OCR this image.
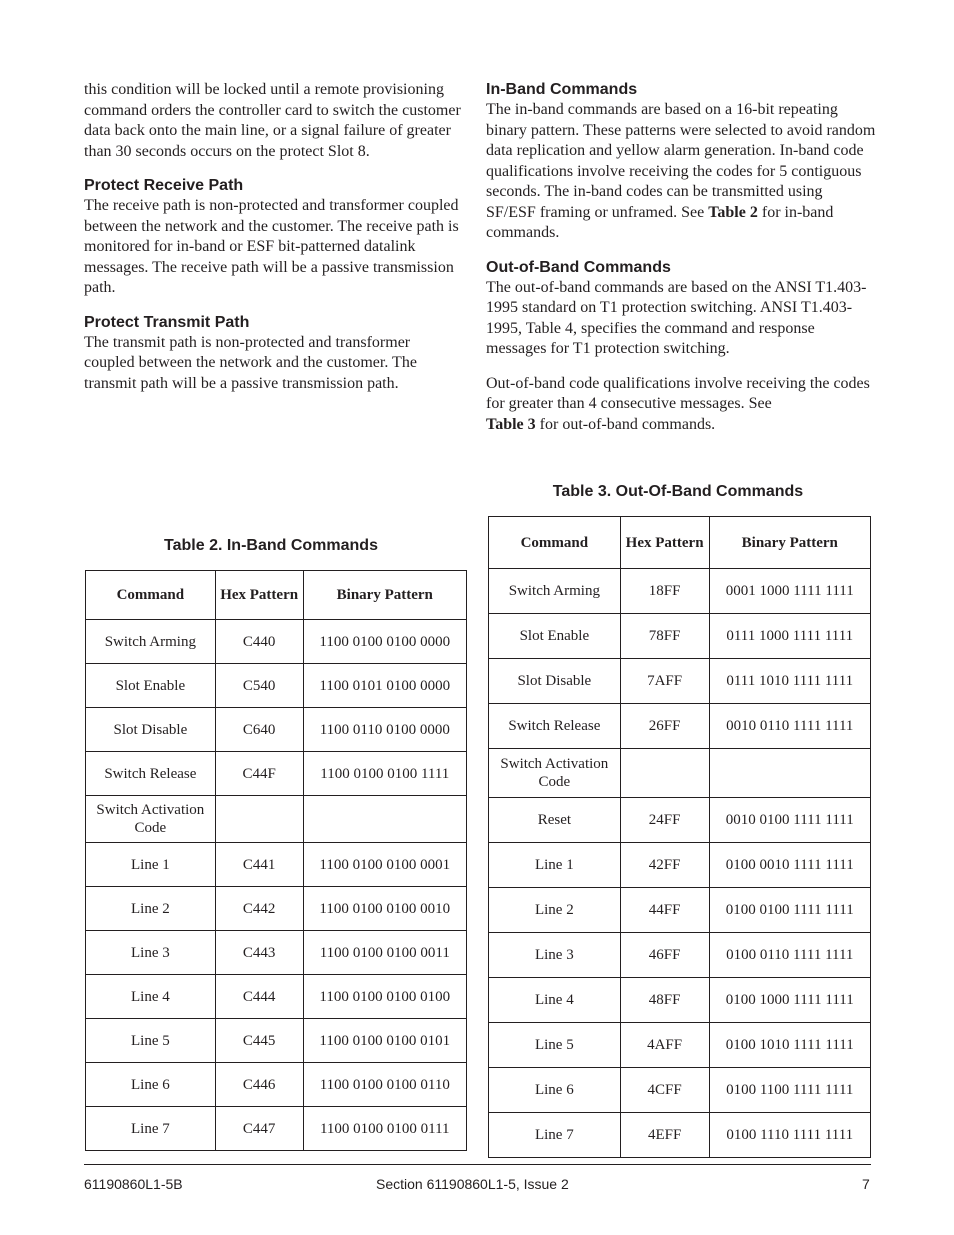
this condition will be locked until a remote provisioning command orders the controller card to switch the customer data back onto the main line, or a signal failure of greater than 30 seconds occurs on the protect Slot 8.

Protect Receive Path

The receive path is non-protected and transformer coupled between the network and the customer. The receive path is monitored for in-band or ESF bit-patterned datalink messages. The receive path will be a passive transmission path.

Protect Transmit Path

The transmit path is non-protected and transformer coupled between the network and the customer. The transmit path will be a passive transmission path.

In-Band Commands

The in-band commands are based on a 16-bit repeating binary pattern. These patterns were selected to avoid random data replication and yellow alarm generation. In-band code qualifications involve receiving the codes for 5 contiguous seconds. The in-band codes can be transmitted using SF/ESF framing or unframed. See Table 2 for in-band commands.

Out-of-Band Commands

The out-of-band commands are based on the ANSI T1.403-1995 standard on T1 protection switching. ANSI T1.403-1995, Table 4, specifies the command and response messages for T1 protection switching.

Out-of-band code qualifications involve receiving the codes for greater than 4 consecutive messages. See
Table 3 for out-of-band commands.

Table 2. In-Band Commands
Command	Hex Pattern	Binary Pattern
Switch Arming	C440	1100 0100 0100 0000
Slot Enable	C540	1100 0101 0100 0000
Slot Disable	C640	1100 0110 0100 0000
Switch Release	C44F	1100 0100 0100 1111
Switch Activation Code		
Line 1	C441	1100 0100 0100 0001
Line 2	C442	1100 0100 0100 0010
Line 3	C443	1100 0100 0100 0011
Line 4	C444	1100 0100 0100 0100
Line 5	C445	1100 0100 0100 0101
Line 6	C446	1100 0100 0100 0110
Line 7	C447	1100 0100 0100 0111
Table 3. Out-Of-Band Commands
Command	Hex Pattern	Binary Pattern
Switch Arming	18FF	0001 1000 1111 1111
Slot Enable	78FF	0111 1000 1111 1111
Slot Disable	7AFF	0111 1010 1111 1111
Switch Release	26FF	0010 0110 1111 1111
Switch Activation Code		
Reset	24FF	0010 0100 1111 1111
Line 1	42FF	0100 0010 1111 1111
Line 2	44FF	0100 0100 1111 1111
Line 3	46FF	0100 0110 1111 1111
Line 4	48FF	0100 1000 1111 1111
Line 5	4AFF	0100 1010 1111 1111
Line 6	4CFF	0100 1100 1111 1111
Line 7	4EFF	0100 1110 1111 1111
61190860L1-5B	Section 61190860L1-5, Issue 2	7
